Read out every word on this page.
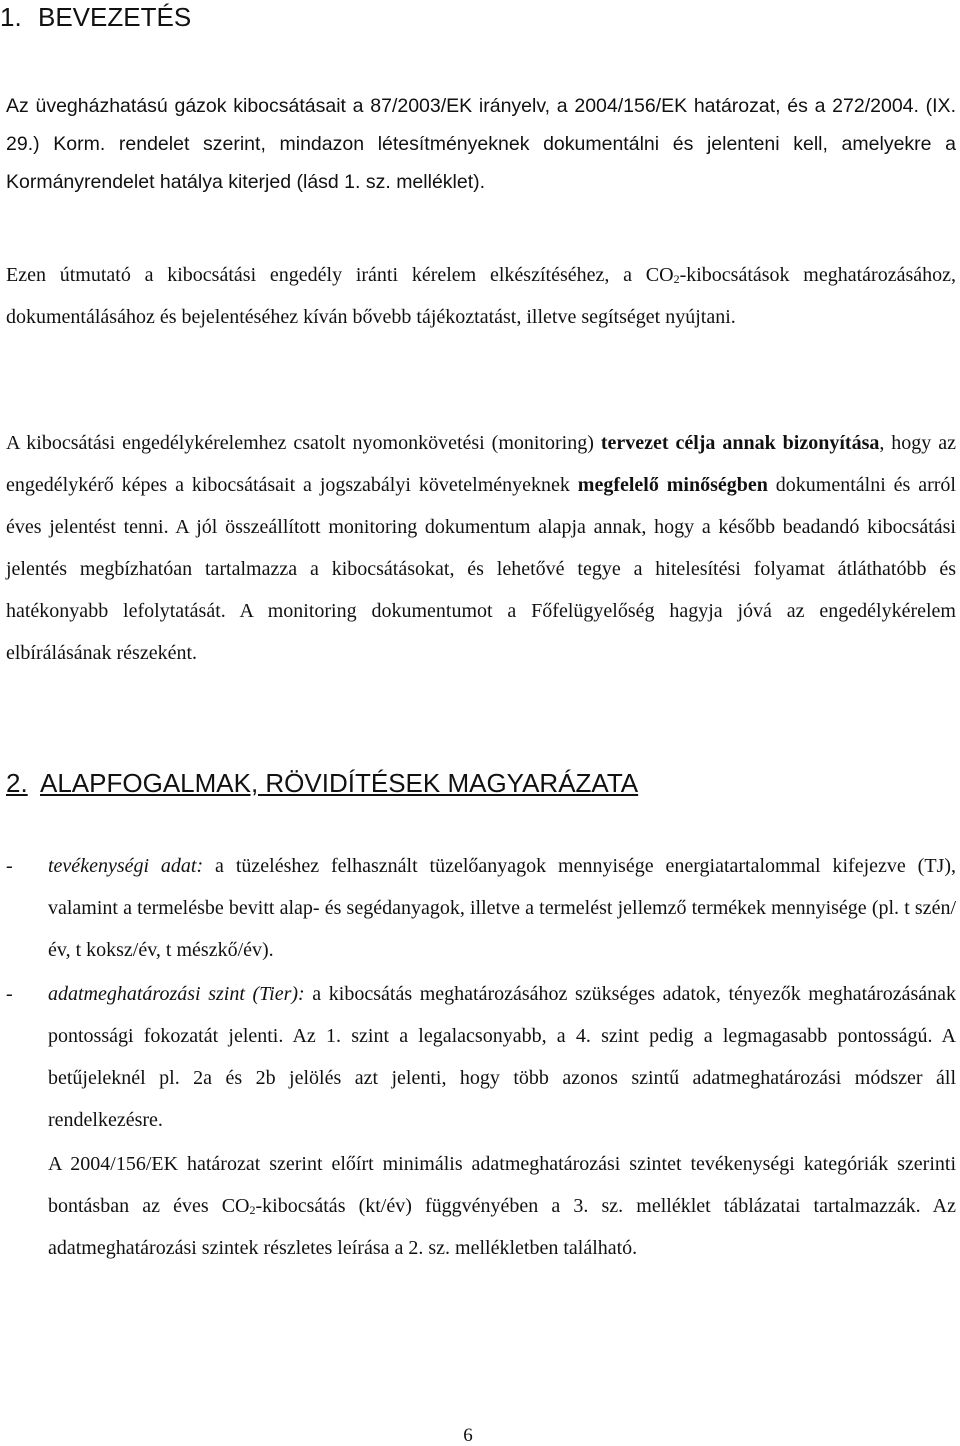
1. BEVEZETÉS

Az üvegházhatású gázok kibocsátásait a 87/2003/EK irányelv, a 2004/156/EK határozat, és a 272/2004. (IX. 29.) Korm. rendelet szerint, mindazon létesítményeknek dokumentálni és jelenteni kell, amelyekre a Kormányrendelet hatálya kiterjed (lásd 1. sz. melléklet).

Ezen útmutató a kibocsátási engedély iránti kérelem elkészítéséhez, a $CO_2$-kibocsátások meghatározásához, dokumentálásához és bejelentéséhez kíván bővebb tájékoztatást, illetve segítséget nyújtani.

A kibocsátási engedélykérelemhez csatolt nyomonkövetési (monitoring) tervezet célja annak bizonyítása, hogy az engedélykérő képes a kibocsátásait a jogszabályi követelményeknek megfelelő minőségben dokumentálni és arról éves jelentést tenni. A jól összeállított monitoring dokumentum alapja annak, hogy a később beadandó kibocsátási jelentés megbízhatóan tartalmazza a kibocsátásokat, és lehetővé tegye a hitelesítési folyamat átláthatóbb és hatékonyabb lefolytatását. A monitoring dokumentumot a Főfelügyelőség hagyja jóvá az engedélykérelem elbírálásának részeként.

2. ALAPFOGALMAK, RÖVIDÍTÉSEK MAGYARÁZATA
- tevékenységi adat: a tüzeléshez felhasznált tüzelőanyagok mennyisége energiatartalommal kifejezve (TJ), valamint a termelésbe bevitt alap- és segédanyagok, illetve a termelést jellemző termékek mennyisége (pl. t szén/év, t koksz/év, t mészkő/év).

- adatmeghatározási szint (Tier): a kibocsátás meghatározásához szükséges adatok, tényezők meghatározásának pontossági fokozatát jelenti. Az 1. szint a legalacsonyabb, a 4. szint pedig a legmagasabb pontosságú. A betűjeleknél pl. 2a és 2b jelölés azt jelenti, hogy több azonos szintű adatmeghatározási módszer áll rendelkezésre.

A 2004/156/EK határozat szerint előírt minimális adatmeghatározási szintet tevékenységi kategóriák szerinti bontásban az éves $CO_2$-kibocsátás (kt/év) függvényében a 3. sz. melléklet táblázatai tartalmazzák. Az adatmeghatározási szintek részletes leírása a 2. sz. mellékletben található.

6
